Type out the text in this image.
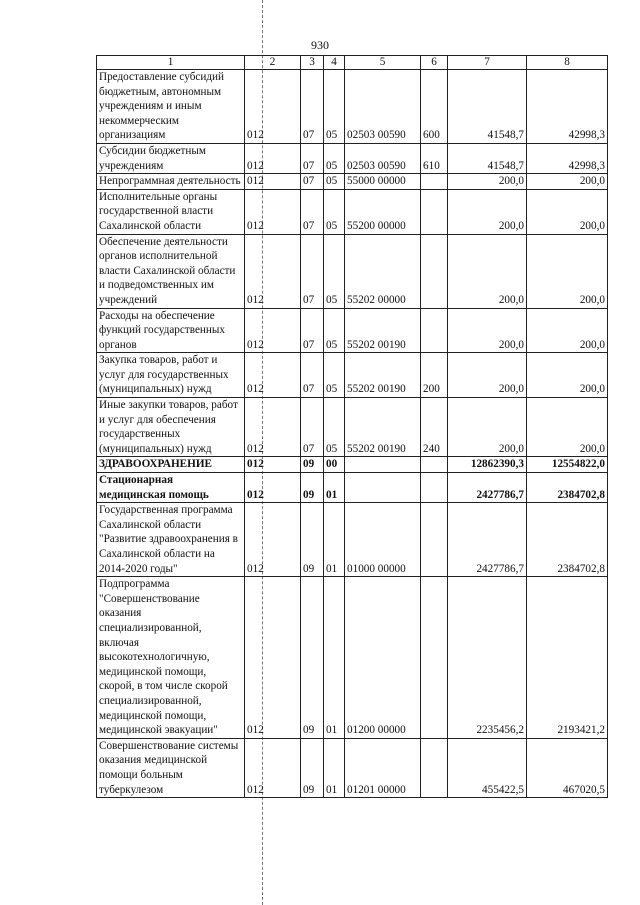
930
1	2	3	4	5	6	7	8
Предоставление субсидий бюджетным, автономным учреждениям и иным некоммерческим организациям	012	07	05	02503 00590	600	41548,7	42998,3
Субсидии бюджетным учреждениям	012	07	05	02503 00590	610	41548,7	42998,3
Непрограммная деятельность	012	07	05	55000 00000		200,0	200,0
Исполнительные органы государственной власти Сахалинской области	012	07	05	55200 00000		200,0	200,0
Обеспечение деятельности органов исполнительной власти Сахалинской области и подведомственных им учреждений	012	07	05	55202 00000		200,0	200,0
Расходы на обеспечение функций государственных органов	012	07	05	55202 00190		200,0	200,0
Закупка товаров, работ и услуг для государственных (муниципальных) нужд	012	07	05	55202 00190	200	200,0	200,0
Иные закупки товаров, работ и услуг для обеспечения государственных (муниципальных) нужд	012	07	05	55202 00190	240	200,0	200,0
ЗДРАВООХРАНЕНИЕ	012	09	00			12862390,3	12554822,0
Стационарная медицинская помощь	012	09	01			2427786,7	2384702,8
Государственная программа Сахалинской области "Развитие здравоохранения в Сахалинской области на 2014-2020 годы"	012	09	01	01000 00000		2427786,7	2384702,8
Подпрограмма "Совершенствование оказания специализированной, включая высокотехнологичную, медицинской помощи, скорой, в том числе скорой специализированной, медицинской помощи, медицинской эвакуации"	012	09	01	01200 00000		2235456,2	2193421,2
Совершенствование системы оказания медицинской помощи больным туберкулезом	012	09	01	01201 00000		455422,5	467020,5
